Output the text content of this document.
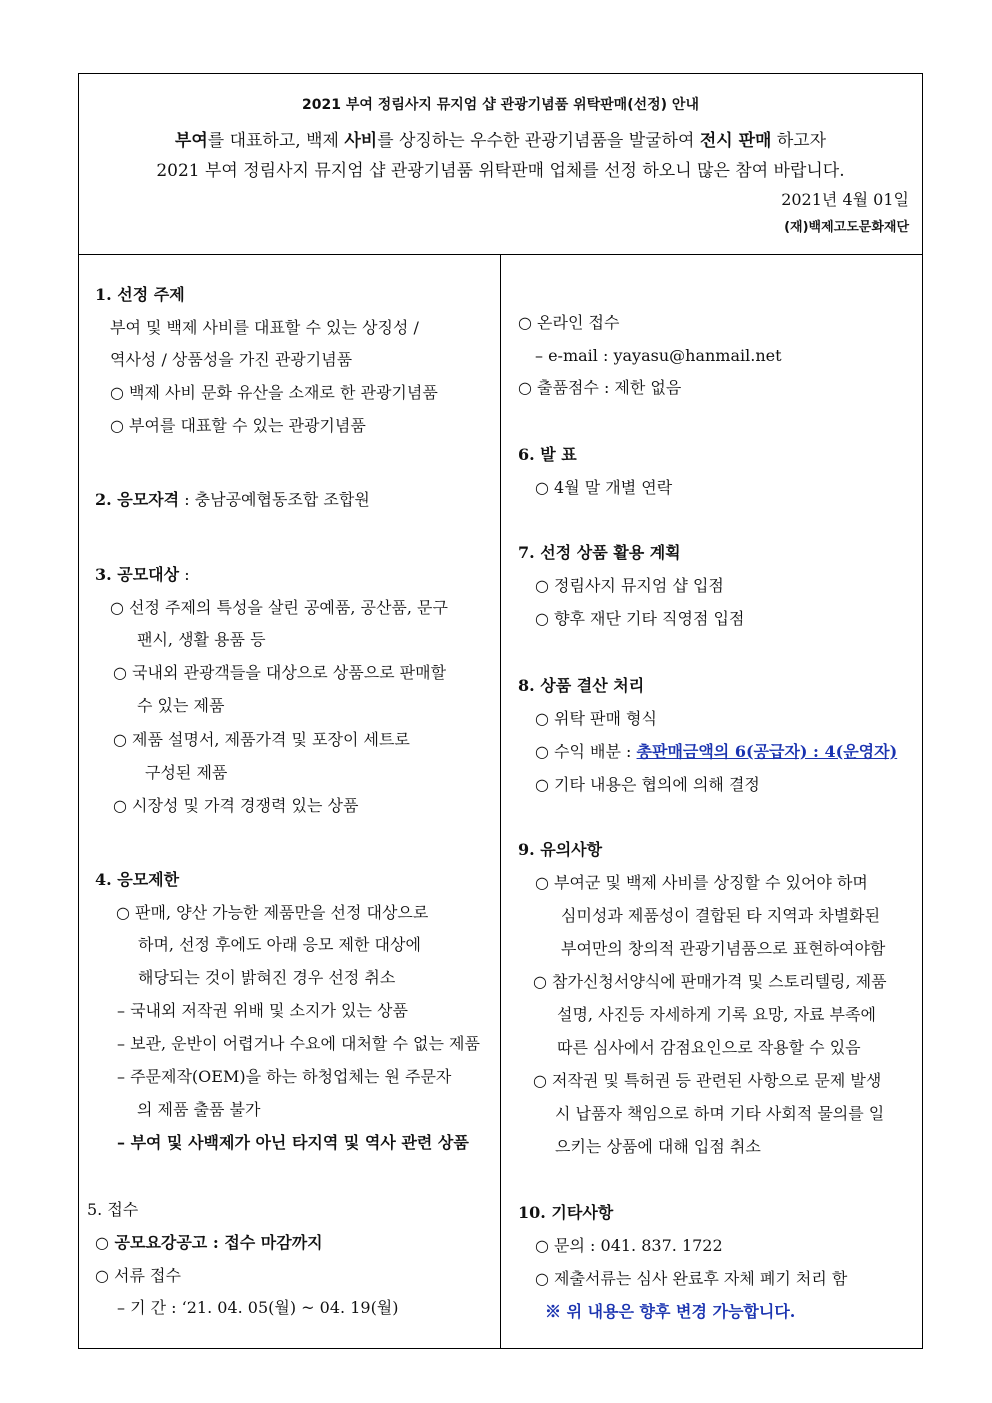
2021 부여 정림사지 뮤지엄 샵 관광기념품 위탁판매(선정) 안내
부여를 대표하고, 백제 사비를 상징하는 우수한 관광기념품을 발굴하여 전시 판매 하고자
2021 부여 정림사지 뮤지엄 샵 관광기념품 위탁판매 업체를 선정 하오니 많은 참여 바랍니다.
2021년 4월 01일
(재)백제고도문화재단
1. 선정 주제
부여 및 백제 사비를 대표할 수 있는 상징성 /
역사성 / 상품성을 가진 관광기념품
○ 백제 사비 문화 유산을 소재로 한 관광기념품
○ 부여를 대표할 수 있는 관광기념품
2. 응모자격 : 충남공예협동조합 조합원
3. 공모대상 :
○ 선정 주제의 특성을 살린 공예품, 공산품, 문구
팬시, 생활 용품 등
○ 국내외 관광객들을 대상으로 상품으로 판매할
수 있는 제품
○ 제품 설명서, 제품가격 및 포장이 세트로
구성된 제품
○ 시장성 및 가격 경쟁력 있는 상품
4. 응모제한
○ 판매, 양산 가능한 제품만을 선정 대상으로
하며, 선정 후에도 아래 응모 제한 대상에
해당되는 것이 밝혀진 경우 선정 취소
– 국내외 저작권 위배 및 소지가 있는 상품
– 보관, 운반이 어렵거나 수요에 대처할 수 없는 제품
– 주문제작(OEM)을 하는 하청업체는 원 주문자
의 제품 출품 불가
– 부여 및 사백제가 아닌 타지역 및 역사 관련 상품
5. 접수
○ 공모요강공고 : 접수 마감까지
○ 서류 접수
– 기 간 : ‘21. 04. 05(월) ~ 04. 19(월)
○ 온라인 접수
– e-mail : yayasu@hanmail.net
○ 출품점수 : 제한 없음
6. 발 표
○ 4월 말 개별 연락
7. 선정 상품 활용 계획
○ 정림사지 뮤지엄 샵 입점
○ 향후 재단 기타 직영점 입점
8. 상품 결산 처리
○ 위탁 판매 형식
○ 수익 배분 : 총판매금액의 6(공급자) : 4(운영자)
○ 기타 내용은 협의에 의해 결정
9. 유의사항
○ 부여군 및 백제 사비를 상징할 수 있어야 하며
심미성과 제품성이 결합된 타 지역과 차별화된
부여만의 창의적 관광기념품으로 표현하여야함
○ 참가신청서양식에 판매가격 및 스토리텔링, 제품
설명, 사진등 자세하게 기록 요망, 자료 부족에
따른 심사에서 감점요인으로 작용할 수 있음
○ 저작권 및 특허권 등 관련된 사항으로 문제 발생
시 납품자 책임으로 하며 기타 사회적 물의를 일
으키는 상품에 대해 입점 취소
10. 기타사항
○ 문의 : 041. 837. 1722
○ 제출서류는 심사 완료후 자체 폐기 처리 함
※ 위 내용은 향후 변경 가능합니다.
